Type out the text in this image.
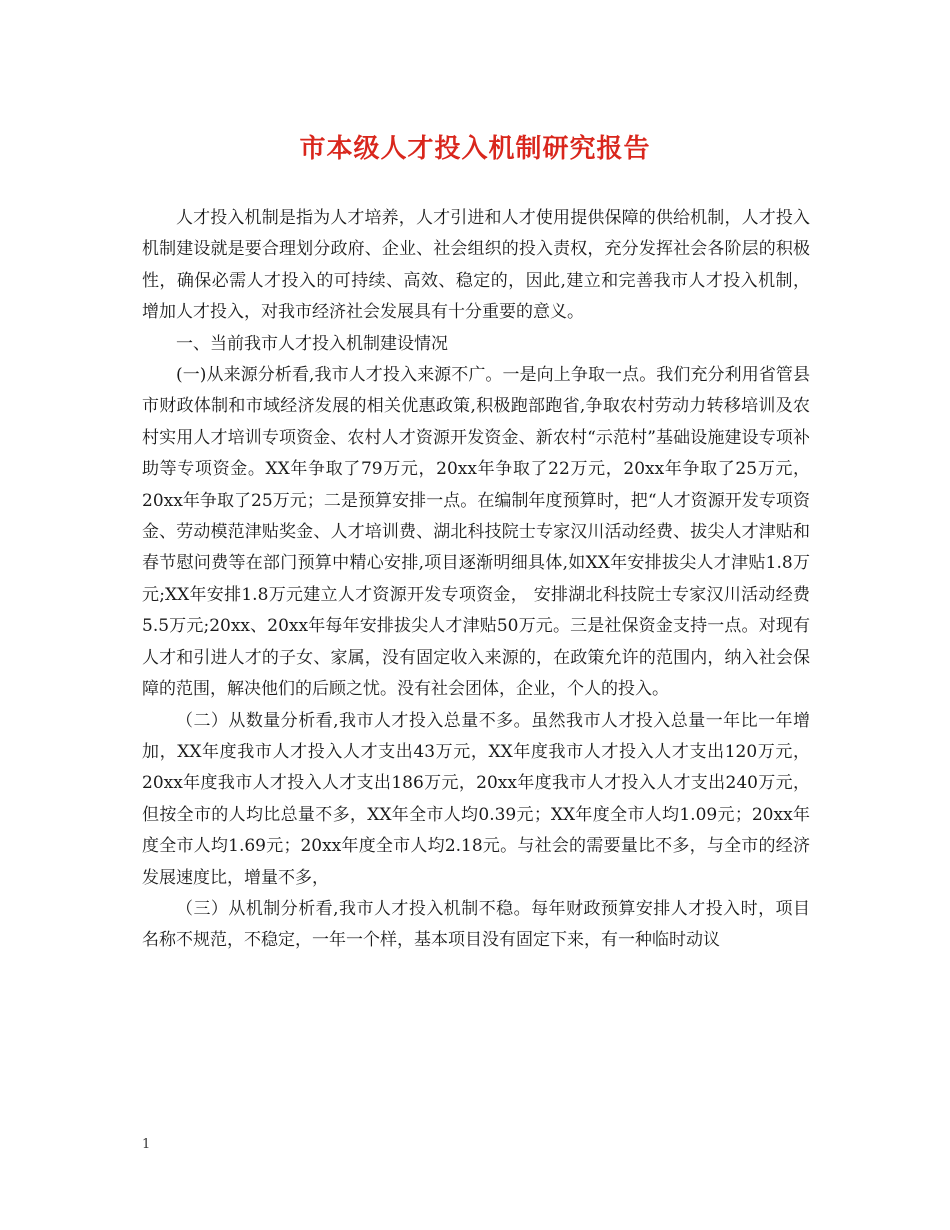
市本级人才投入机制研究报告

人才投入机制是指为人才培养，人才引进和人才使用提供保障的供给机制，人才投入机制建设就是要合理划分政府、企业、社会组织的投入责权，充分发挥社会各阶层的积极性，确保必需人才投入的可持续、高效、稳定的，因此,建立和完善我市人才投入机制，增加人才投入，对我市经济社会发展具有十分重要的意义。

一、当前我市人才投入机制建设情况

(一)从来源分析看,我市人才投入来源不广。一是向上争取一点。我们充分利用省管县市财政体制和市域经济发展的相关优惠政策,积极跑部跑省,争取农村劳动力转移培训及农村实用人才培训专项资金、农村人才资源开发资金、新农村“示范村”基础设施建设专项补助等专项资金。XX年争取了79万元，20xx年争取了22万元，20xx年争取了25万元，20xx年争取了25万元；二是预算安排一点。在编制年度预算时，把“人才资源开发专项资金、劳动模范津贴奖金、人才培训费、湖北科技院士专家汉川活动经费、拔尖人才津贴和春节慰问费等在部门预算中精心安排,项目逐渐明细具体,如XX年安排拔尖人才津贴1.8万元;XX年安排1.8万元建立人才资源开发专项资金， 安排湖北科技院士专家汉川活动经费5.5万元;20xx、20xx年每年安排拔尖人才津贴50万元。三是社保资金支持一点。对现有人才和引进人才的子女、家属，没有固定收入来源的，在政策允许的范围内，纳入社会保障的范围，解决他们的后顾之忧。没有社会团体，企业，个人的投入。

（二）从数量分析看,我市人才投入总量不多。虽然我市人才投入总量一年比一年增加，XX年度我市人才投入人才支出43万元，XX年度我市人才投入人才支出120万元，20xx年度我市人才投入人才支出186万元，20xx年度我市人才投入人才支出240万元，但按全市的人均比总量不多，XX年全市人均0.39元；XX年度全市人均1.09元；20xx年度全市人均1.69元；20xx年度全市人均2.18元。与社会的需要量比不多，与全市的经济发展速度比，增量不多，

（三）从机制分析看,我市人才投入机制不稳。每年财政预算安排人才投入时，项目名称不规范，不稳定，一年一个样，基本项目没有固定下来，有一种临时动议

1
